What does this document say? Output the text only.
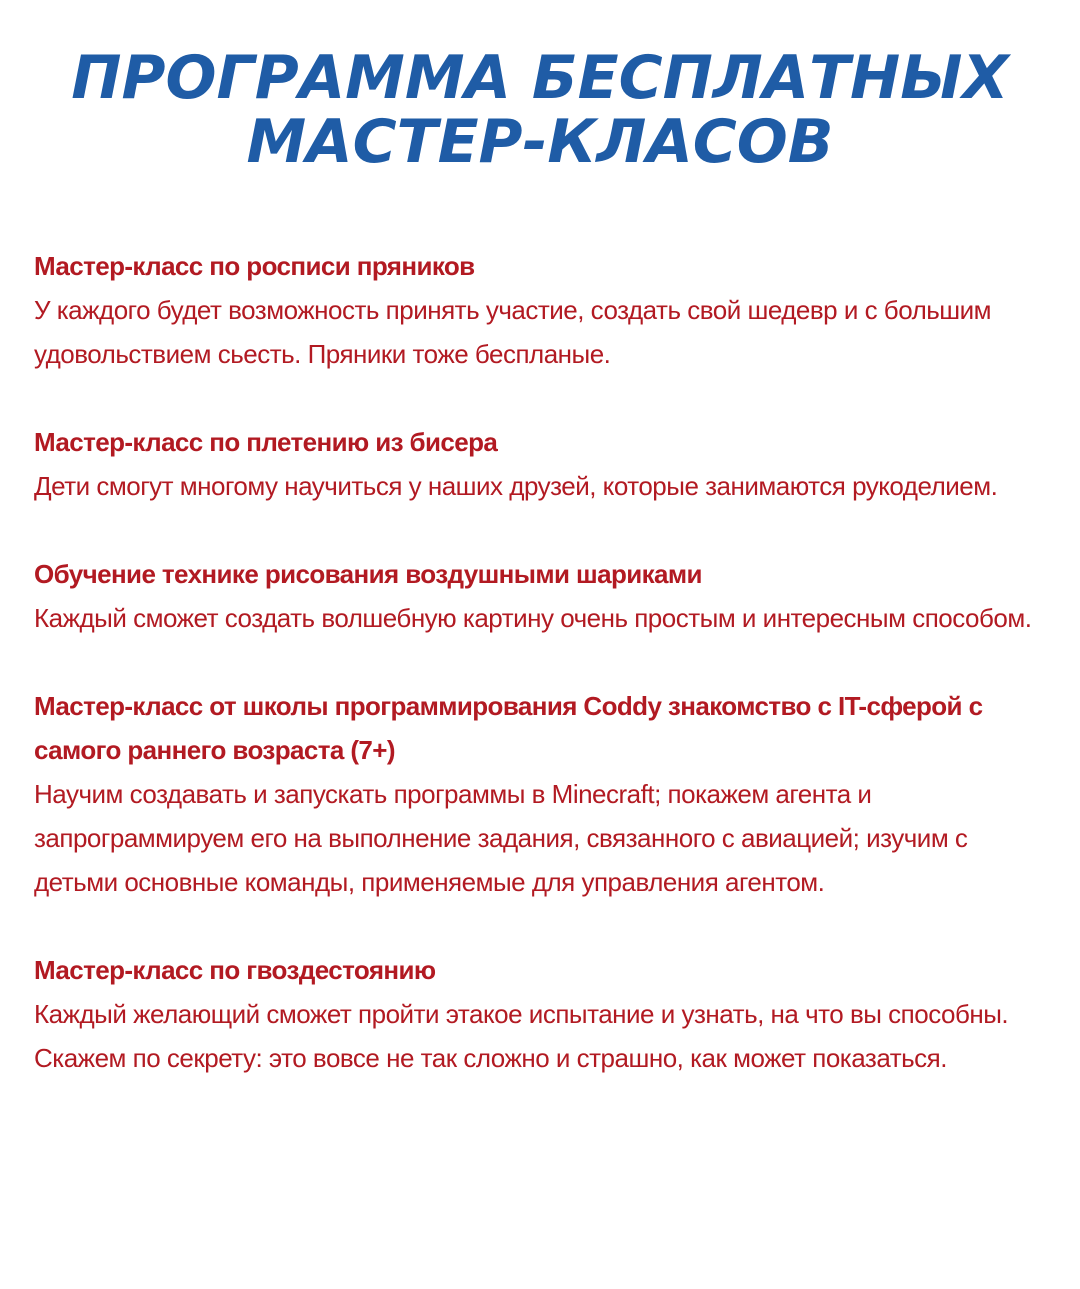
ПРОГРАММА БЕСПЛАТНЫХ
МАСТЕР-КЛАСОВ

Мастер-класс по росписи пряников

У каждого будет возможность принять участие, создать свой шедевр и с большим удовольствием сьесть. Пряники тоже беспланые.

Мастер-класс по плетению из бисера

Дети смогут многому научиться у наших друзей, которые занимаются рукоделием.

Обучение технике рисования воздушными шариками

Каждый сможет создать волшебную картину очень простым и интересным способом.

Мастер-класс от школы программирования Coddy знакомство с IT-сферой с самого раннего возраста (7+)

Научим создавать и запускать программы в Minecraft; покажем агента и запрограммируем его на выполнение задания, связанного с авиацией; изучим с детьми основные команды, применяемые для управления агентом.

Мастер-класс по гвоздестоянию

Каждый желающий сможет пройти этакое испытание и узнать, на что вы способны. Скажем по секрету: это вовсе не так сложно и страшно, как может показаться.
